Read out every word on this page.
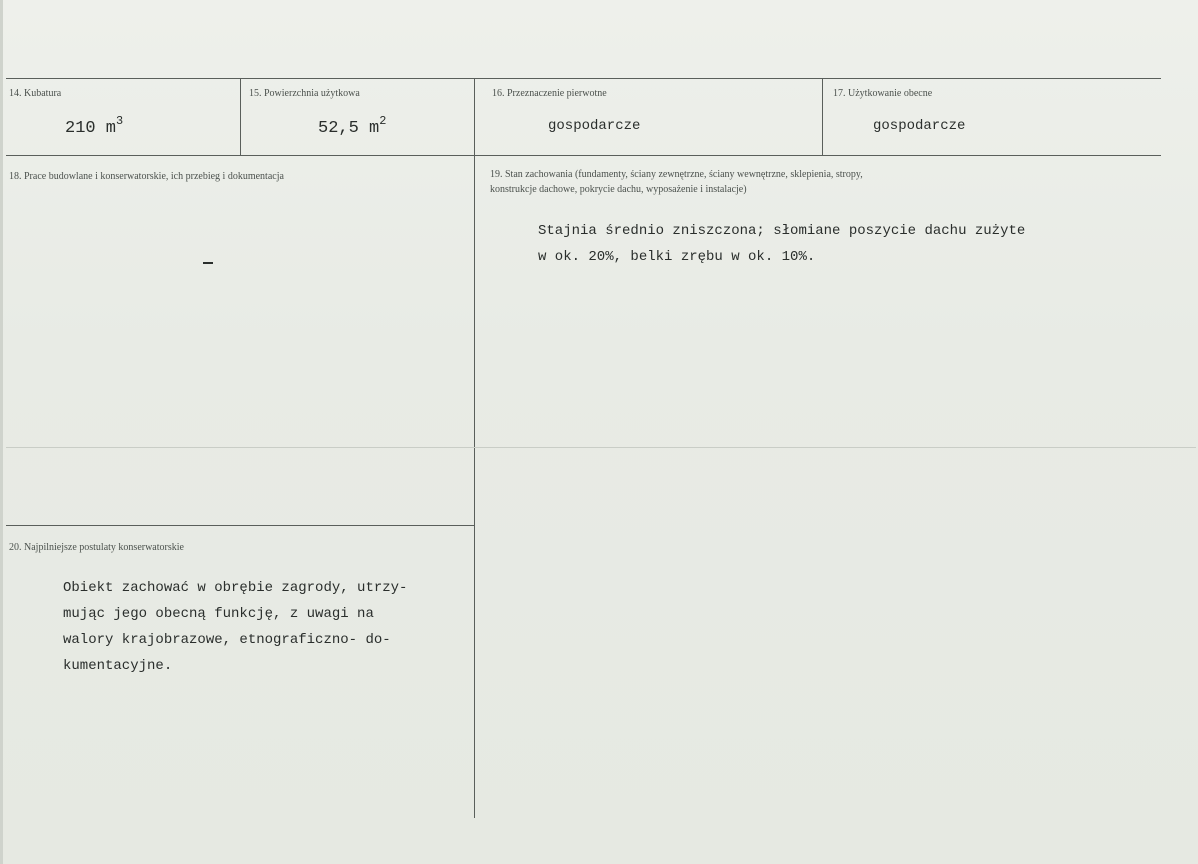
14. Kubatura
210 $m^3$
15. Powierzchnia użytkowa
52,5 $m^2$
16. Przeznaczenie pierwotne
gospodarcze
17. Użytkowanie obecne
gospodarcze
18. Prace budowlane i konserwatorskie, ich przebieg i dokumentacja	19. Stan zachowania (fundamenty, ściany zewnętrzne, ściany wewnętrzne, sklepienia, stropy,
konstrukcje dachowe, pokrycie dachu, wyposażenie i instalacje)
Stajnia średnio zniszczona; słomiane poszycie dachu zużyte
w ok. 20%, belki zrębu w ok. 10%.
20. Najpilniejsze postulaty konserwatorskie
Obiekt zachować w obrębie zagrody, utrzy-
mując jego obecną funkcję, z uwagi na
walory krajobrazowe, etnograficzno- do-
kumentacyjne.
